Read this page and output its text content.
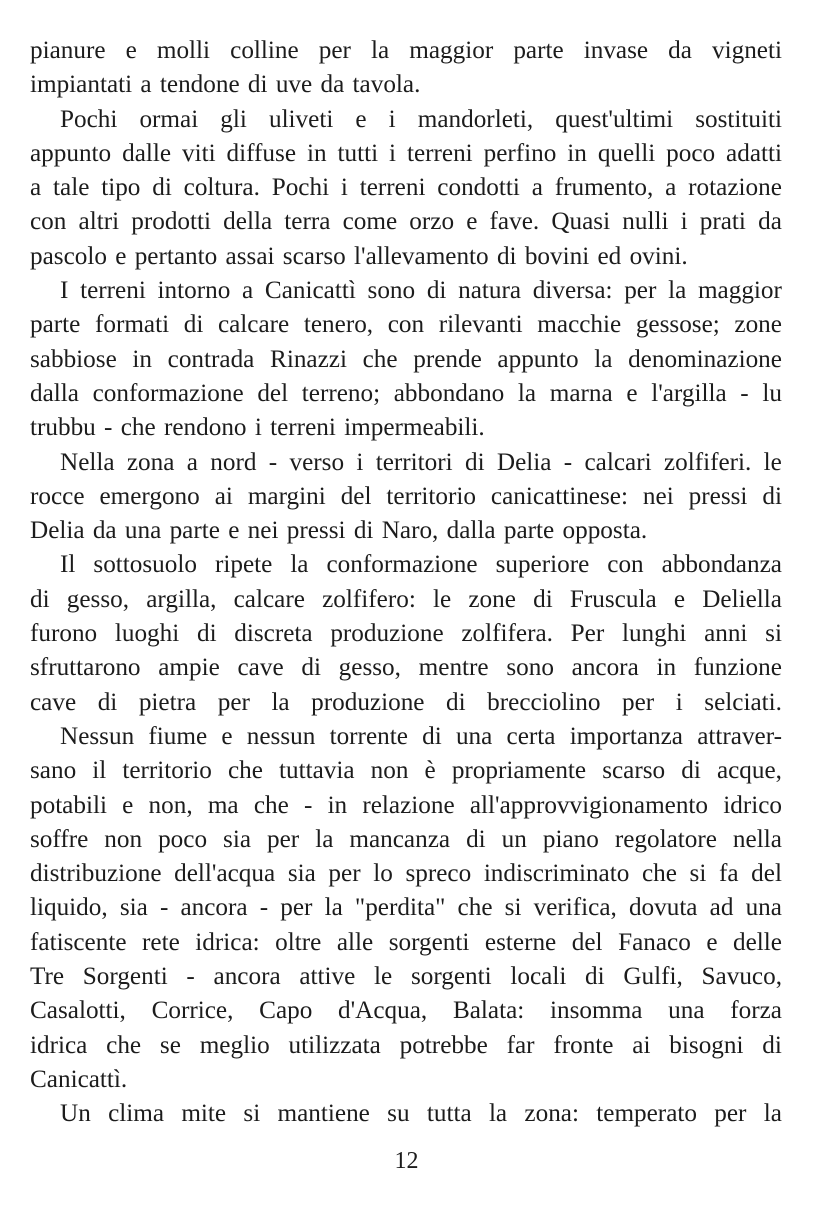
pianure e molli colline per la maggior parte invase da vigneti
impiantati a tendone di uve da tavola.
Pochi ormai gli uliveti e i mandorleti, quest'ultimi sostituiti
appunto dalle viti diffuse in tutti i terreni perfino in quelli poco adatti
a tale tipo di coltura. Pochi i terreni condotti a frumento, a rotazione
con altri prodotti della terra come orzo e fave. Quasi nulli i prati da
pascolo e pertanto assai scarso l'allevamento di bovini ed ovini.
I terreni intorno a Canicattì sono di natura diversa: per la maggior
parte formati di calcare tenero, con rilevanti macchie gessose; zone
sabbiose in contrada Rinazzi che prende appunto la denominazione
dalla conformazione del terreno; abbondano la marna e l'argilla - lu
trubbu - che rendono i terreni impermeabili.
Nella zona a nord - verso i territori di Delia - calcari zolfiferi. le
rocce emergono ai margini del territorio canicattinese: nei pressi di
Delia da una parte e nei pressi di Naro, dalla parte opposta.
Il sottosuolo ripete la conformazione superiore con abbondanza
di gesso, argilla, calcare zolfifero: le zone di Fruscula e Deliella
furono luoghi di discreta produzione zolfifera. Per lunghi anni si
sfruttarono ampie cave di gesso, mentre sono ancora in funzione
cave di pietra per la produzione di brecciolino per i selciati.
Nessun fiume e nessun torrente di una certa importanza attraver-
sano il territorio che tuttavia non è propriamente scarso di acque,
potabili e non, ma che - in relazione all'approvvigionamento idrico
soffre non poco sia per la mancanza di un piano regolatore nella
distribuzione dell'acqua sia per lo spreco indiscriminato che si fa del
liquido, sia - ancora - per la "perdita" che si verifica, dovuta ad una
fatiscente rete idrica: oltre alle sorgenti esterne del Fanaco e delle
Tre Sorgenti - ancora attive le sorgenti locali di Gulfi, Savuco,
Casalotti, Corrice, Capo d'Acqua, Balata: insomma una forza
idrica che se meglio utilizzata potrebbe far fronte ai bisogni di
Canicattì.
Un clima mite si mantiene su tutta la zona: temperato per la
12
